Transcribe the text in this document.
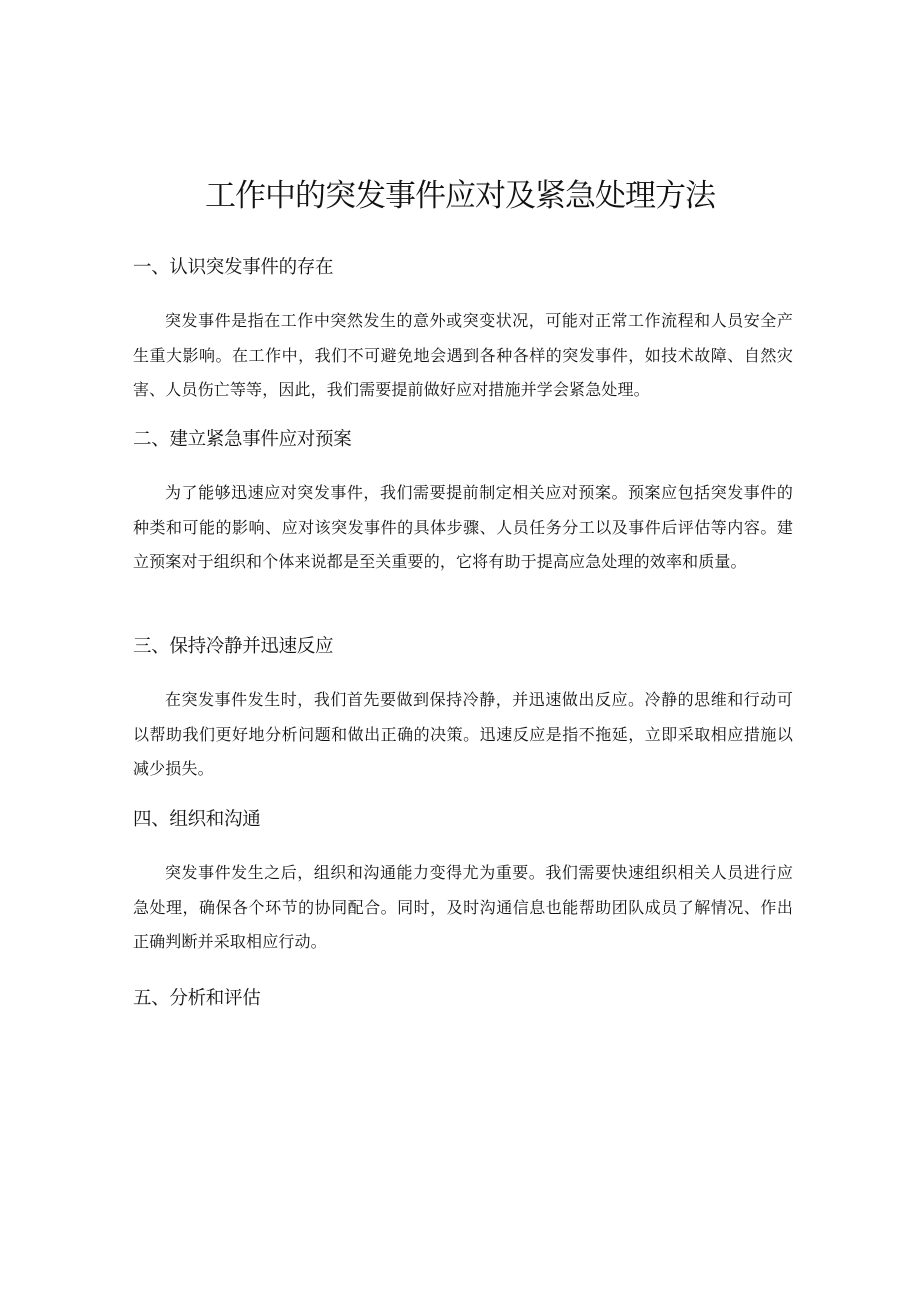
工作中的突发事件应对及紧急处理方法
一、认识突发事件的存在

突发事件是指在工作中突然发生的意外或突变状况，可能对正常工作流程和人员安全产生重大影响。在工作中，我们不可避免地会遇到各种各样的突发事件，如技术故障、自然灾害、人员伤亡等等，因此，我们需要提前做好应对措施并学会紧急处理。

二、建立紧急事件应对预案

为了能够迅速应对突发事件，我们需要提前制定相关应对预案。预案应包括突发事件的种类和可能的影响、应对该突发事件的具体步骤、人员任务分工以及事件后评估等内容。建立预案对于组织和个体来说都是至关重要的，它将有助于提高应急处理的效率和质量。

三、保持冷静并迅速反应

在突发事件发生时，我们首先要做到保持冷静，并迅速做出反应。冷静的思维和行动可以帮助我们更好地分析问题和做出正确的决策。迅速反应是指不拖延，立即采取相应措施以减少损失。

四、组织和沟通

突发事件发生之后，组织和沟通能力变得尤为重要。我们需要快速组织相关人员进行应急处理，确保各个环节的协同配合。同时，及时沟通信息也能帮助团队成员了解情况、作出正确判断并采取相应行动。

五、分析和评估
